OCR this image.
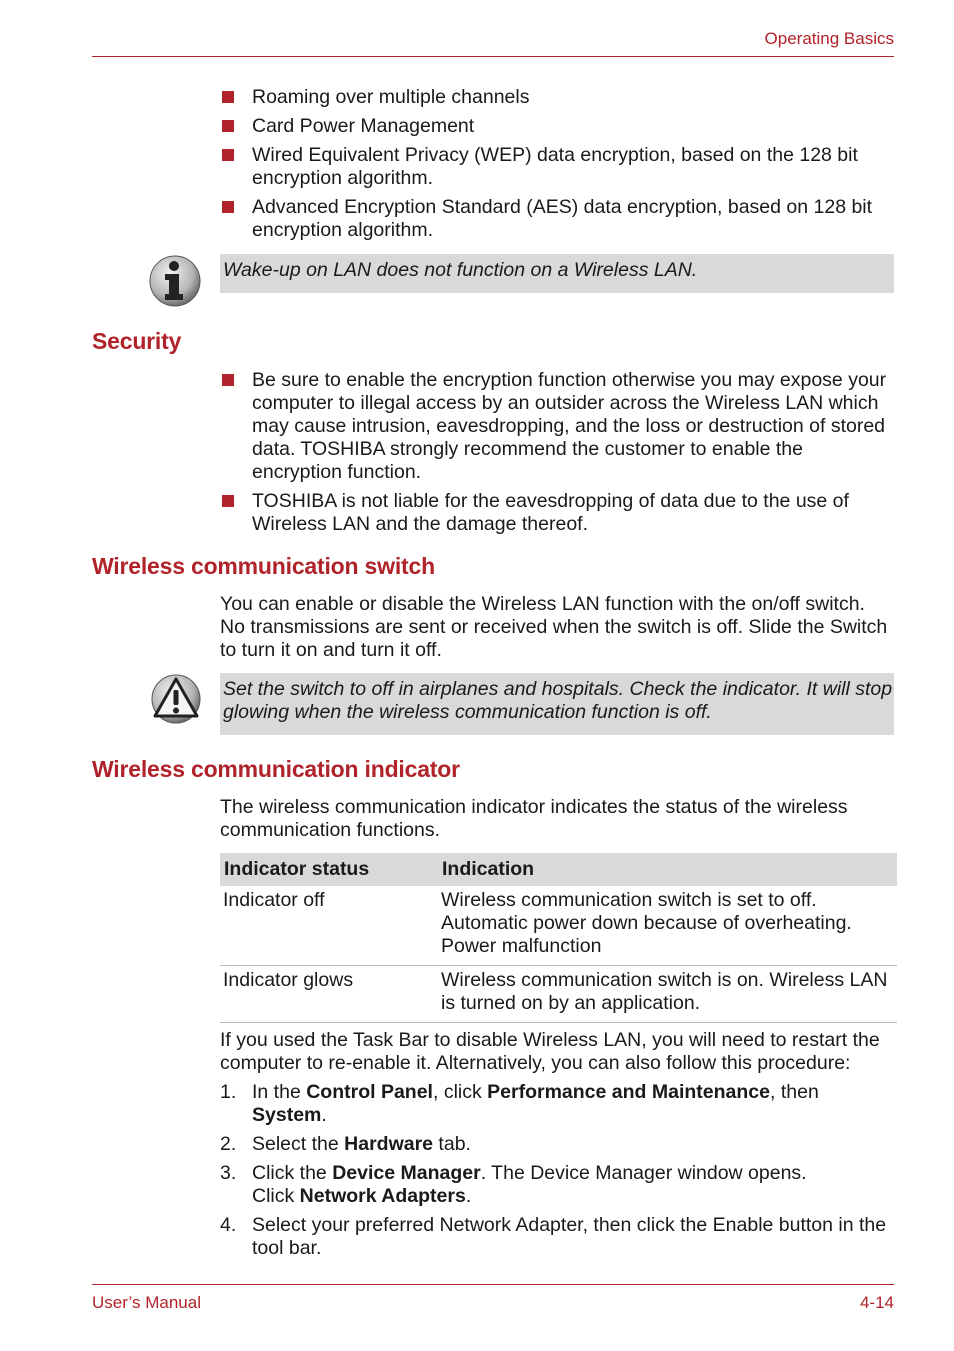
Operating Basics
Roaming over multiple channels
Card Power Management
Wired Equivalent Privacy (WEP) data encryption, based on the 128 bit encryption algorithm.
Advanced Encryption Standard (AES) data encryption, based on 128 bit encryption algorithm.
Wake-up on LAN does not function on a Wireless LAN.
Security
Be sure to enable the encryption function otherwise you may expose your computer to illegal access by an outsider across the Wireless LAN which may cause intrusion, eavesdropping, and the loss or destruction of stored data. TOSHIBA strongly recommend the customer to enable the encryption function.
TOSHIBA is not liable for the eavesdropping of data due to the use of Wireless LAN and the damage thereof.
Wireless communication switch
You can enable or disable the Wireless LAN function with the on/off switch. No transmissions are sent or received when the switch is off. Slide the Switch to turn it on and turn it off.
Set the switch to off in airplanes and hospitals. Check the indicator. It will stop glowing when the wireless communication function is off.
Wireless communication indicator
The wireless communication indicator indicates the status of the wireless communication functions.
Indicator status	Indication
Indicator off	Wireless communication switch is set to off.
Automatic power down because of overheating.
Power malfunction

Indicator glows	Wireless communication switch is on. Wireless LAN is turned on by an application.
If you used the Task Bar to disable Wireless LAN, you will need to restart the computer to re-enable it. Alternatively, you can also follow this procedure:
1. In the Control Panel, click Performance and Maintenance, then System.
2. Select the Hardware tab.
3. Click the Device Manager. The Device Manager window opens.
Click Network Adapters.
4. Select your preferred Network Adapter, then click the Enable button in the tool bar.
User’s Manual	4-14
